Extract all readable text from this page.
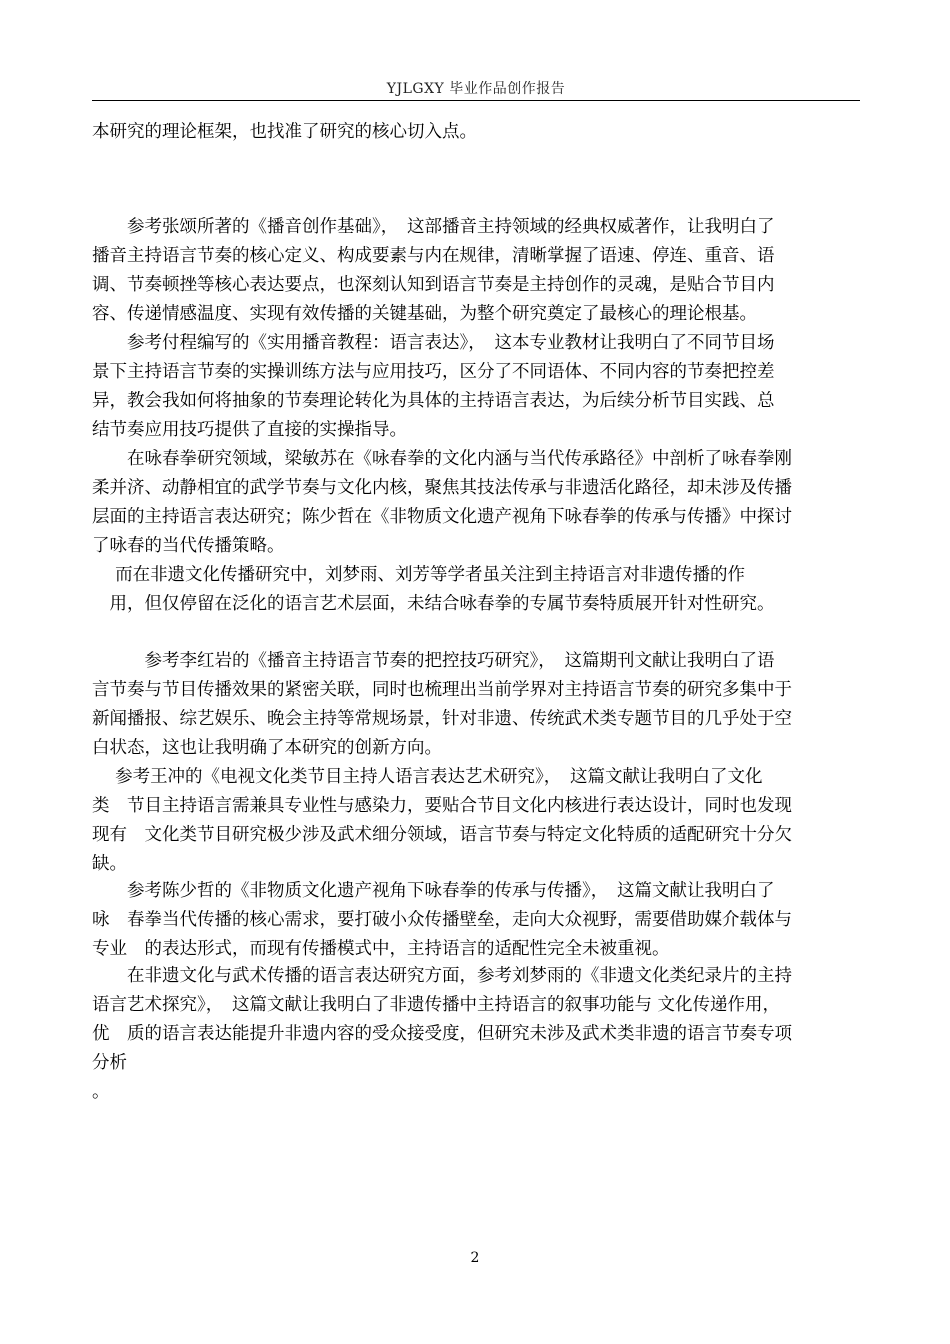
YJLGXY 毕业作品创作报告
本研究的理论框架，也找准了研究的核心切入点。
　　参考张颂所著的《播音创作基础》，　这部播音主持领域的经典权威著作，让我明白了
播音主持语言节奏的核心定义、构成要素与内在规律，清晰掌握了语速、停连、重音、语
调、节奏顿挫等核心表达要点，也深刻认知到语言节奏是主持创作的灵魂，是贴合节目内
容、传递情感温度、实现有效传播的关键基础，为整个研究奠定了最核心的理论根基。
　　参考付程编写的《实用播音教程：语言表达》，　这本专业教材让我明白了不同节目场
景下主持语言节奏的实操训练方法与应用技巧，区分了不同语体、不同内容的节奏把控差
异，教会我如何将抽象的节奏理论转化为具体的主持语言表达，为后续分析节目实践、总
结节奏应用技巧提供了直接的实操指导。
　　在咏春拳研究领域，梁敏苏在《咏春拳的文化内涵与当代传承路径》中剖析了咏春拳刚
柔并济、动静相宜的武学节奏与文化内核，聚焦其技法传承与非遗活化路径，却未涉及传播
层面的主持语言表达研究；陈少哲在《非物质文化遗产视角下咏春拳的传承与传播》中探讨
了咏春的当代传播策略。
　 而在非遗文化传播研究中，刘梦雨、刘芳等学者虽关注到主持语言对非遗传播的作
　用，但仅停留在泛化的语言艺术层面，未结合咏春拳的专属节奏特质展开针对性研究。
　　　参考李红岩的《播音主持语言节奏的把控技巧研究》，　这篇期刊文献让我明白了语
言节奏与节目传播效果的紧密关联，同时也梳理出当前学界对主持语言节奏的研究多集中于
新闻播报、综艺娱乐、晚会主持等常规场景，针对非遗、传统武术类专题节目的几乎处于空
白状态，这也让我明确了本研究的创新方向。
　 参考王冲的《电视文化类节目主持人语言表达艺术研究》，　这篇文献让我明白了文化
类　节目主持语言需兼具专业性与感染力，要贴合节目文化内核进行表达设计，同时也发现
现有　文化类节目研究极少涉及武术细分领域，语言节奏与特定文化特质的适配研究十分欠
缺。
　　参考陈少哲的《非物质文化遗产视角下咏春拳的传承与传播》，　这篇文献让我明白了
咏　春拳当代传播的核心需求，要打破小众传播壁垒，走向大众视野，需要借助媒介载体与
专业　的表达形式，而现有传播模式中，主持语言的适配性完全未被重视。
　　在非遗文化与武术传播的语言表达研究方面，参考刘梦雨的《非遗文化类纪录片的主持
语言艺术探究》，　这篇文献让我明白了非遗传播中主持语言的叙事功能与 文化传递作用，
优　质的语言表达能提升非遗内容的受众接受度，但研究未涉及武术类非遗的语言节奏专项
分析
。
2
